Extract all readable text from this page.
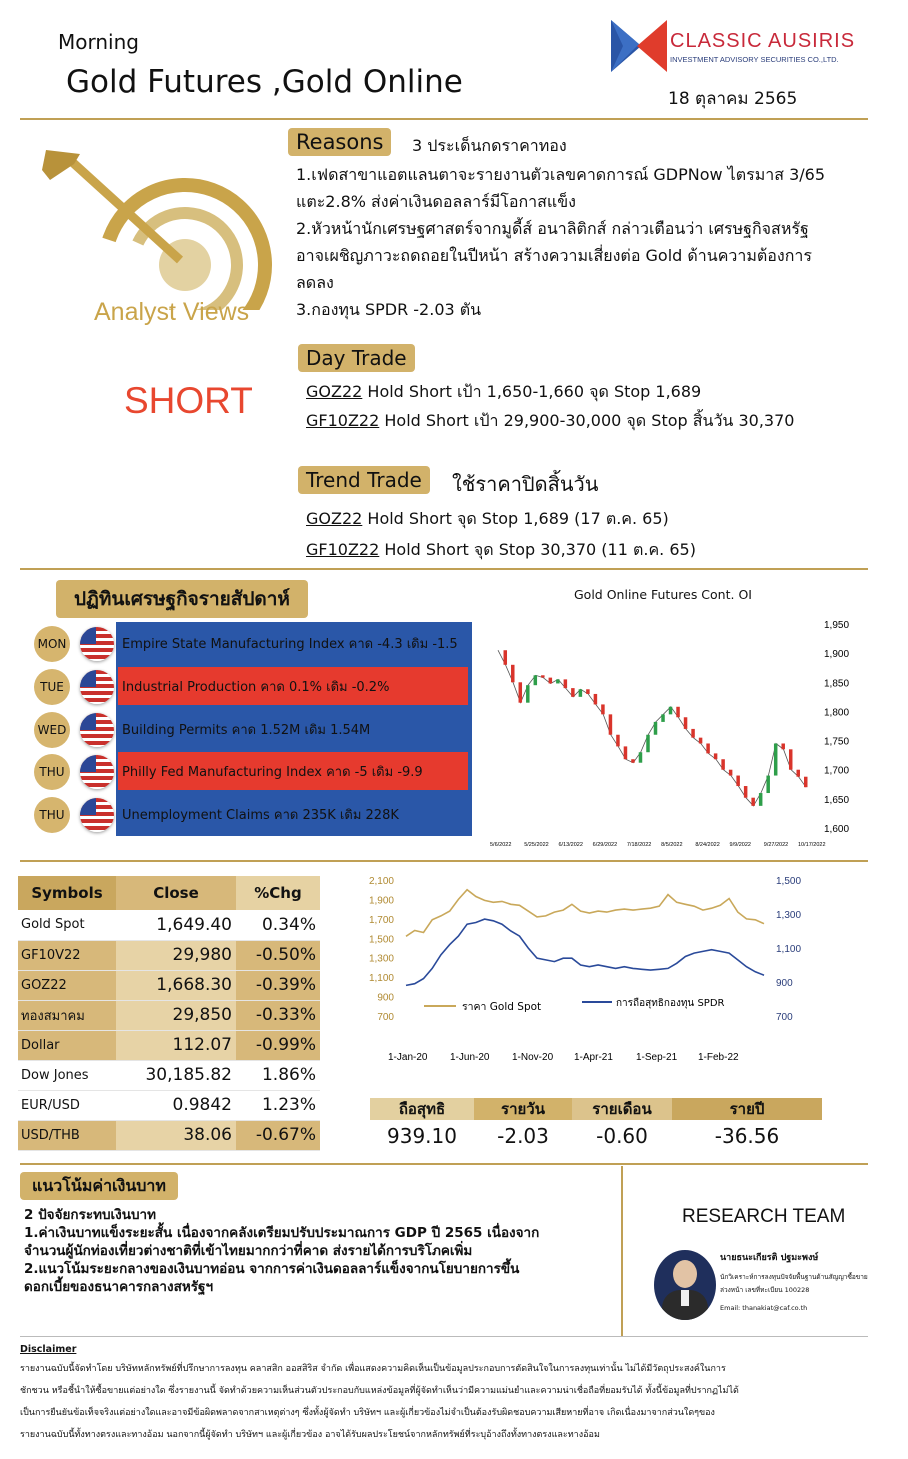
Morning
Gold Futures ,Gold Online
CLASSIC AUSIRIS
INVESTMENT ADVISORY SECURITIES CO.,LTD.
18 ตุลาคม 2565
Analyst Views
SHORT
Reasons	3 ประเด็นกดราคาทอง
1.เฟดสาขาแอตแลนตาจะรายงานตัวเลขคาดการณ์ GDPNow ไตรมาส 3/65
แตะ2.8% ส่งค่าเงินดอลลาร์มีโอกาสแข็ง
2.หัวหน้านักเศรษฐศาสตร์จากมูดี้ส์ อนาลิติกส์ กล่าวเตือนว่า เศรษฐกิจสหรัฐ
อาจเผชิญภาวะถดถอยในปีหน้า สร้างความเสี่ยงต่อ Gold ด้านความต้องการ
ลดลง
3.กองทุน SPDR -2.03 ตัน
Day Trade
GOZ22 Hold Short เป้า 1,650-1,660 จุด Stop 1,689
GF10Z22 Hold Short เป้า 29,900-30,000 จุด Stop สิ้นวัน 30,370
Trend Trade	ใช้ราคาปิดสิ้นวัน
GOZ22 Hold Short จุด Stop 1,689 (17 ต.ค. 65)
GF10Z22 Hold Short จุด Stop 30,370 (11 ต.ค. 65)
ปฏิทินเศรษฐกิจรายสัปดาห์
MON	Empire State Manufacturing Index คาด -4.3 เดิม -1.5
TUE	Industrial Production คาด 0.1% เดิม -0.2%
WED	Building Permits คาด 1.52M เดิม 1.54M
THU	Philly Fed Manufacturing Index คาด -5 เดิม -9.9
THU	Unemployment Claims คาด 235K เดิม 228K
Gold Online Futures Cont. OI
1,950
1,900
1,850
1,800
1,750
1,700
1,650
1,600
5/6/2022 5/25/2022 6/13/2022 6/29/2022 7/18/2022 8/5/2022 8/24/2022 9/9/2022 9/27/2022 10/17/2022
Symbols	Close	%Chg
Gold Spot	1,649.40	0.34%
GF10V22	29,980	-0.50%
GOZ22	1,668.30	-0.39%
ทองสมาคม	29,850	-0.33%
Dollar	112.07	-0.99%
Dow Jones	30,185.82	1.86%
EUR/USD	0.9842	1.23%
USD/THB	38.06	-0.67%
2,100
1,900
1,700
1,500
1,300
1,100
900
700
1,500
1,300
1,100
900
700
1-Jan-20 1-Jun-20 1-Nov-20 1-Apr-21 1-Sep-21 1-Feb-22
ราคา Gold Spot	การถือสุทธิกองทุน SPDR
ถือสุทธิ	รายวัน	รายเดือน	รายปี
939.10	-2.03	-0.60	-36.56
แนวโน้มค่าเงินบาท
2 ปัจจัยกระทบเงินบาท
1.ค่าเงินบาทแข็งระยะสั้น เนื่องจากคลังเตรียมปรับประมาณการ GDP ปี 2565 เนื่องจาก
จำนวนผู้นักท่องเที่ยวต่างชาติที่เข้าไทยมากกว่าที่คาด ส่งรายได้การบริโภคเพิ่ม
2.แนวโน้มระยะกลางของเงินบาทอ่อน จากการค่าเงินดอลลาร์แข็งจากนโยบายการขึ้น
ดอกเบี้ยของธนาคารกลางสหรัฐฯ
RESEARCH TEAM
นายธนะเกียรติ ปฐมะพงษ์
นักวิเคราะห์การลงทุนปัจจัยพื้นฐานด้านสัญญาซื้อขายล่วงหน้า เลขที่ทะเบียน 100228
Email: thanakiat@caf.co.th
Disclaimer
รายงานฉบับนี้จัดทำโดย บริษัทหลักทรัพย์ที่ปรึกษาการลงทุน คลาสสิก ออสสิริส จำกัด เพื่อแสดงความคิดเห็นเป็นข้อมูลประกอบการตัดสินใจในการลงทุนเท่านั้น ไม่ได้มีวัตถุประสงค์ในการ
ชักชวน หรือชี้นำให้ซื้อขายแต่อย่างใด ซึ่งรายงานนี้ จัดทำด้วยความเห็นส่วนตัวประกอบกับแหล่งข้อมูลที่ผู้จัดทำเห็นว่ามีความแม่นยำและความน่าเชื่อถือที่ยอมรับได้ ทั้งนี้ข้อมูลที่ปรากฏไม่ได้
เป็นการยืนยันข้อเท็จจริงแต่อย่างใดและอาจมีข้อผิดพลาดจากสาเหตุต่างๆ ซึ่งทั้งผู้จัดทำ บริษัทฯ และผู้เกี่ยวข้องไม่จำเป็นต้องรับผิดชอบความเสียหายที่อาจ เกิดเนื่องมาจากส่วนใดๆของ
รายงานฉบับนี้ทั้งทางตรงและทางอ้อม นอกจากนี้ผู้จัดทำ บริษัทฯ และผู้เกี่ยวข้อง อาจได้รับผลประโยชน์จากหลักทรัพย์ที่ระบุอ้างถึงทั้งทางตรงและทางอ้อม
